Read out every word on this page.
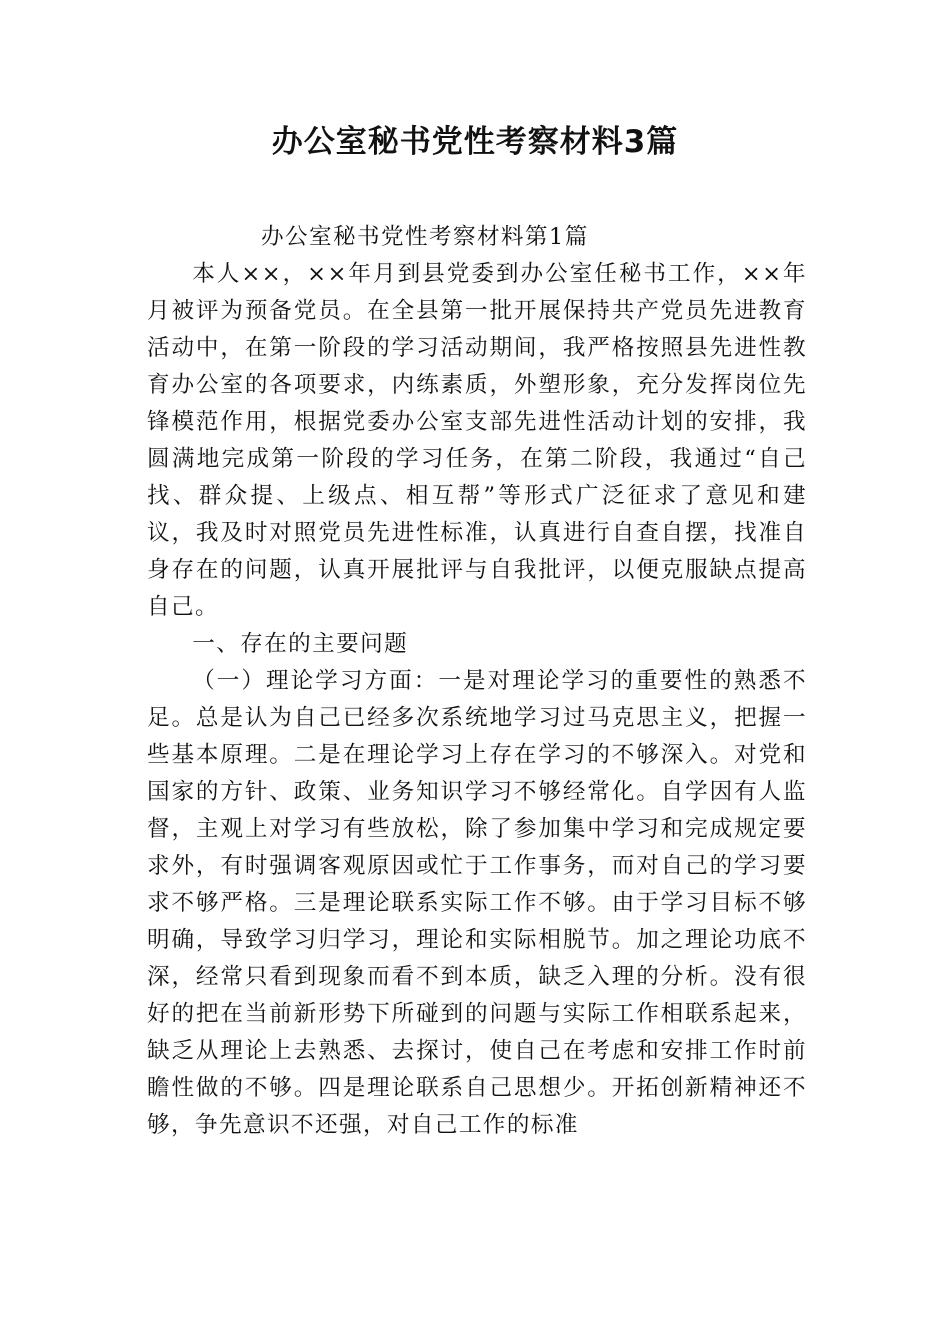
办公室秘书党性考察材料3篇

办公室秘书党性考察材料第1篇

本人××，××年月到县党委到办公室任秘书工作，××年月被评为预备党员。在全县第一批开展保持共产党员先进教育活动中，在第一阶段的学习活动期间，我严格按照县先进性教育办公室的各项要求，内练素质，外塑形象，充分发挥岗位先锋模范作用，根据党委办公室支部先进性活动计划的安排，我圆满地完成第一阶段的学习任务，在第二阶段，我通过“自己找、群众提、上级点、相互帮”等形式广泛征求了意见和建议，我及时对照党员先进性标准，认真进行自查自摆，找准自身存在的问题，认真开展批评与自我批评，以便克服缺点提高自己。

一、存在的主要问题

（一）理论学习方面：一是对理论学习的重要性的熟悉不足。总是认为自己已经多次系统地学习过马克思主义，把握一些基本原理。二是在理论学习上存在学习的不够深入。对党和国家的方针、政策、业务知识学习不够经常化。自学因有人监督，主观上对学习有些放松，除了参加集中学习和完成规定要求外，有时强调客观原因或忙于工作事务，而对自己的学习要求不够严格。三是理论联系实际工作不够。由于学习目标不够明确，导致学习归学习，理论和实际相脱节。加之理论功底不深，经常只看到现象而看不到本质，缺乏入理的分析。没有很好的把在当前新形势下所碰到的问题与实际工作相联系起来，缺乏从理论上去熟悉、去探讨，使自己在考虑和安排工作时前瞻性做的不够。四是理论联系自己思想少。开拓创新精神还不够，争先意识不还强，对自己工作的标准
